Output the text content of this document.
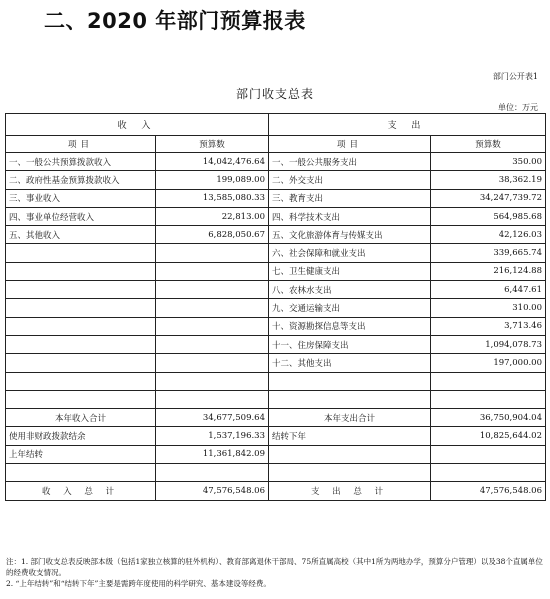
二、2020 年部门预算报表
部门公开表1
部门收支总表
单位：万元
收 入		支 出	
项目	预算数	项目	预算数
一、一般公共预算拨款收入	14,042,476.64	一、一般公共服务支出	350.00
二、政府性基金预算拨款收入	199,089.00	二、外交支出	38,362.19
三、事业收入	13,585,080.33	三、教育支出	34,247,739.72
四、事业单位经营收入	22,813.00	四、科学技术支出	564,985.68
五、其他收入	6,828,050.67	五、文化旅游体育与传媒支出	42,126.03
		六、社会保障和就业支出	339,665.74
		七、卫生健康支出	216,124.88
		八、农林水支出	6,447.61
		九、交通运输支出	310.00
		十、资源勘探信息等支出	3,713.46
		十一、住房保障支出	1,094,078.73
		十二、其他支出	197,000.00

本年收入合计	34,677,509.64	本年支出合计	36,750,904.04
使用非财政拨款结余	1,537,196.33	结转下年	10,825,644.02
上年结转	11,361,842.09		

收 入 总 计	47,576,548.06	支 出 总 计	47,576,548.06

注：1. 部门收支总表反映部本级（包括1家独立核算的驻外机构）、教育部离退休干部局、75所直属高校（其中1所为两地办学，预算分户管理）以及38个直属单位的经费收支情况。

2. “上年结转”和“结转下年”主要是需跨年度使用的科学研究、基本建设等经费。
